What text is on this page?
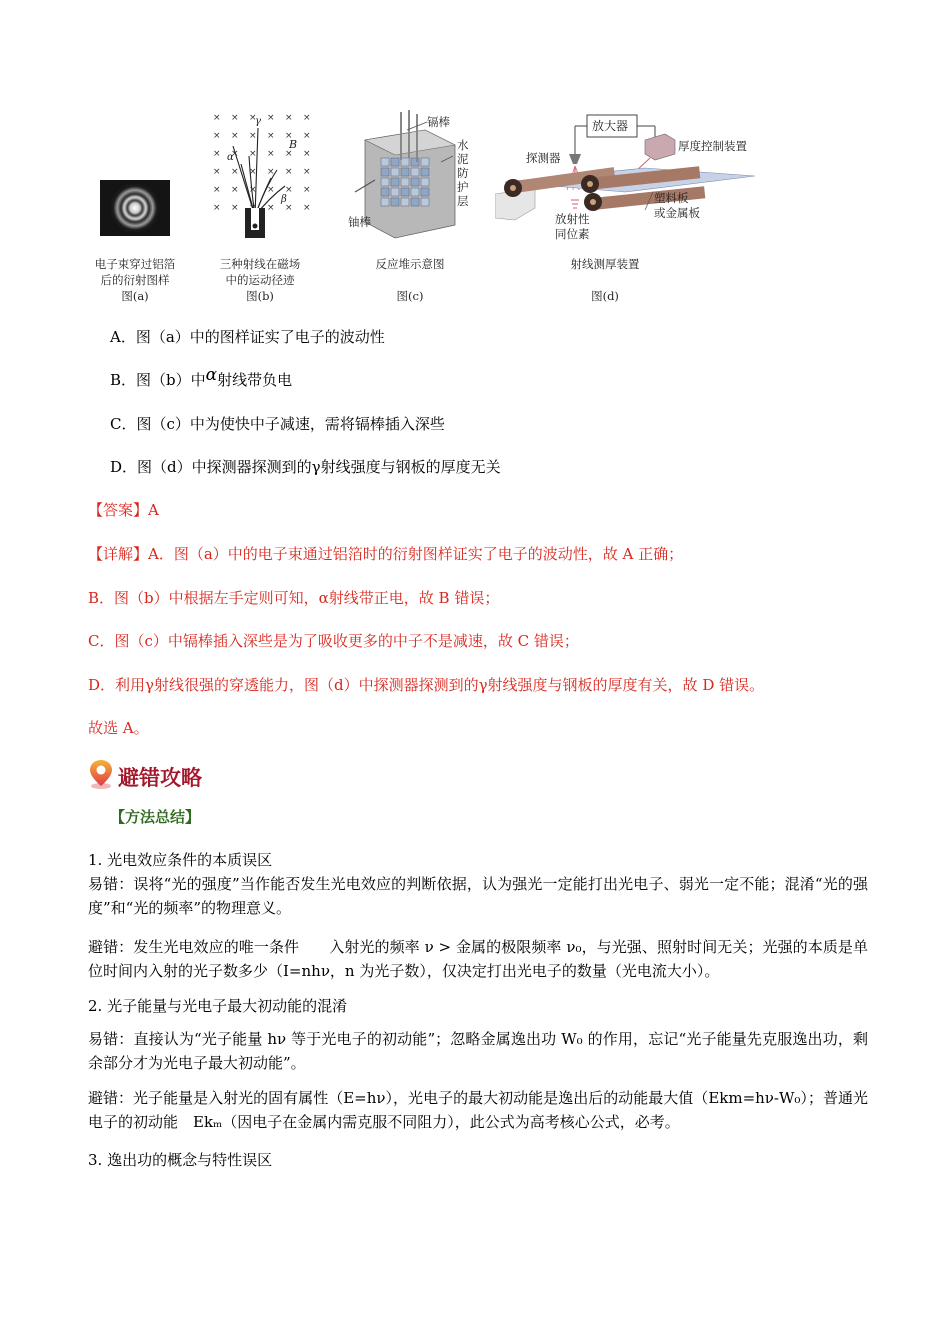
电子束穿过铝箔
后的衍射图样
图(a)
× × × × × ×
× × × × × ×
× × × × × ×
× × × × × ×
× × × × × ×
× ×	× × ×
γ
α
β
B
三种射线在磁场
中的运动径迹
图(b)
镉棒
水泥防护层
铀棒
反应堆示意图
图(c)
放大器
厚度控制装置
探测器
塑料板
或金属板
放射性
同位素
射线测厚装置
图(d)
A．图（a）中的图样证实了电子的波动性
B．图（b）中α射线带负电
C．图（c）中为使快中子减速，需将镉棒插入深些
D．图（d）中探测器探测到的γ射线强度与钢板的厚度无关
【答案】A
【详解】A．图（a）中的电子束通过铝箔时的衍射图样证实了电子的波动性，故 A 正确；
B．图（b）中根据左手定则可知，α射线带正电，故 B 错误；
C．图（c）中镉棒插入深些是为了吸收更多的中子不是减速，故 C 错误；
D．利用γ射线很强的穿透能力，图（d）中探测器探测到的γ射线强度与钢板的厚度有关，故 D 错误。
故选 A。
避错攻略
【方法总结】
1. 光电效应条件的本质误区
易错：误将“光的强度”当作能否发生光电效应的判断依据，认为强光一定能打出光电子、弱光一定不能；混淆“光的强度”和“光的频率”的物理意义。
避错：发生光电效应的唯一条件　　入射光的频率 ν > 金属的极限频率 ν₀，与光强、照射时间无关；光强的本质是单位时间内入射的光子数多少（I=nhν，n 为光子数），仅决定打出光电子的数量（光电流大小）。
2. 光子能量与光电子最大初动能的混淆
易错：直接认为“光子能量 hν 等于光电子的初动能”；忽略金属逸出功 W₀ 的作用，忘记“光子能量先克服逸出功，剩余部分才为光电子最大初动能”。
避错：光子能量是入射光的固有属性（E=hν），光电子的最大初动能是逸出后的动能最大值（Ekm=hν-W₀）；普通光电子的初动能　Ekₘ（因电子在金属内需克服不同阻力），此公式为高考核心公式，必考。
3. 逸出功的概念与特性误区
